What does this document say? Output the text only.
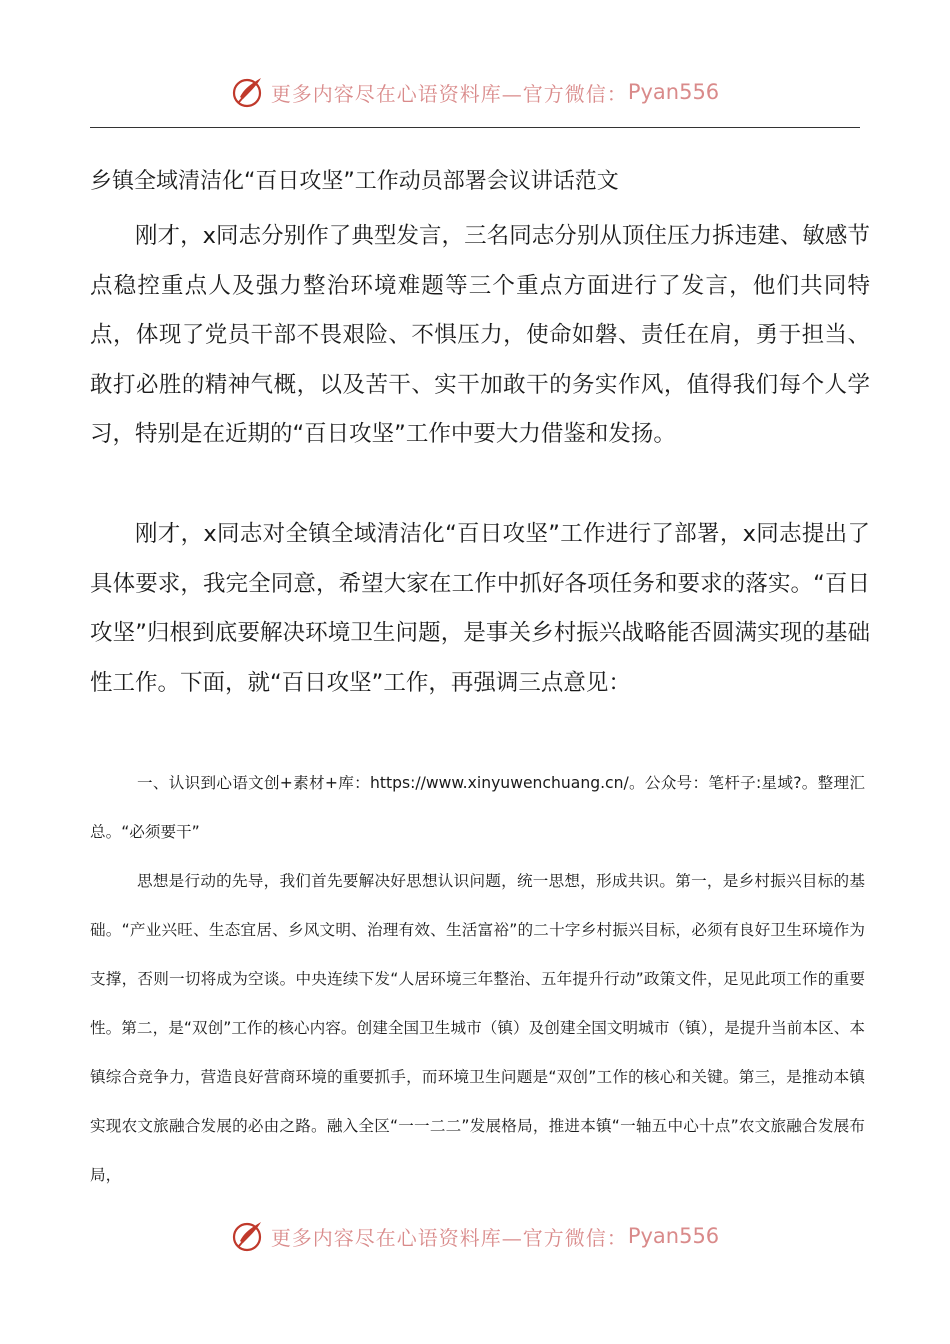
更多内容尽在心语资料库—官方微信： Pyan556
乡镇全域清洁化“百日攻坚”工作动员部署会议讲话范文

刚才，x同志分别作了典型发言，三名同志分别从顶住压力拆违建、敏感节点稳控重点人及强力整治环境难题等三个重点方面进行了发言，他们共同特点，体现了党员干部不畏艰险、不惧压力，使命如磐、责任在肩，勇于担当、敢打必胜的精神气概，以及苦干、实干加敢干的务实作风，值得我们每个人学习，特别是在近期的“百日攻坚”工作中要大力借鉴和发扬。

刚才，x同志对全镇全域清洁化“百日攻坚”工作进行了部署，x同志提出了具体要求，我完全同意，希望大家在工作中抓好各项任务和要求的落实。“百日攻坚”归根到底要解决环境卫生问题，是事关乡村振兴战略能否圆满实现的基础性工作。下面，就“百日攻坚”工作，再强调三点意见：

一、认识到心语文创+素材+库：https://www.xinyuwenchuang.cn/。公众号：笔杆子:星域?。整理汇总。“必须要干”

思想是行动的先导，我们首先要解决好思想认识问题，统一思想，形成共识。第一，是乡村振兴目标的基础。“产业兴旺、生态宜居、乡风文明、治理有效、生活富裕”的二十字乡村振兴目标，必须有良好卫生环境作为支撑，否则一切将成为空谈。中央连续下发“人居环境三年整治、五年提升行动”政策文件，足见此项工作的重要性。第二，是“双创”工作的核心内容。创建全国卫生城市（镇）及创建全国文明城市（镇），是提升当前本区、本镇综合竞争力，营造良好营商环境的重要抓手，而环境卫生问题是“双创”工作的核心和关键。第三，是推动本镇实现农文旅融合发展的必由之路。融入全区“一一二二”发展格局，推进本镇“一轴五中心十点”农文旅融合发展布局，

更多内容尽在心语资料库—官方微信： Pyan556
